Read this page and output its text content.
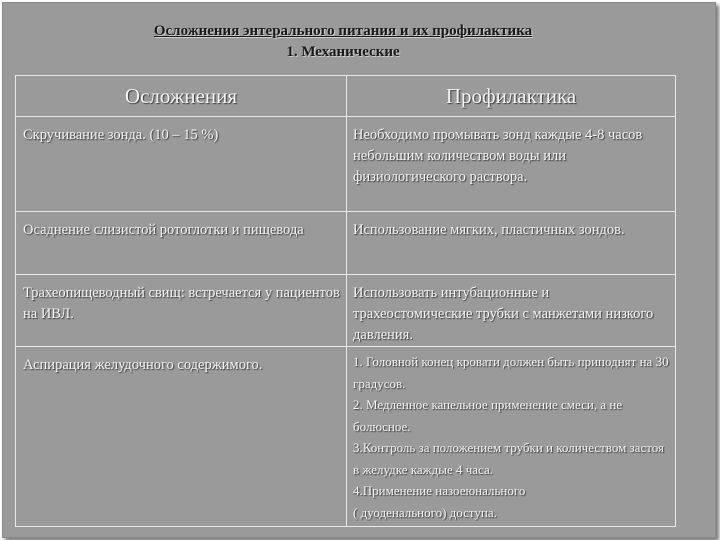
Осложнения энтерального питания и их профилактика
1. Механические
Осложнения	Профилактика
Скручивание зонда. (10 – 15 %)	Необходимо промывать зонд каждые 4-8 часов небольшим количеством воды или физиологического раствора.
Осаднение слизистой ротоглотки и пищевода	Использование мягких, пластичных зондов.
Трахеопищеводный свищ: встречается у пациентов на ИВЛ.	Использовать интубационные и трахеостомические трубки с манжетами низкого давления.
Аспирация желудочного содержимого.	1. Головной конец кровати должен быть приподнят на 30 градусов.
2. Медленное капельное применение смеси, а не болюсное.
3.Контроль за положением трубки и количеством застоя в желудке каждые 4 часа.
4.Применение назоеюнального
( дуоденального) доступа.
